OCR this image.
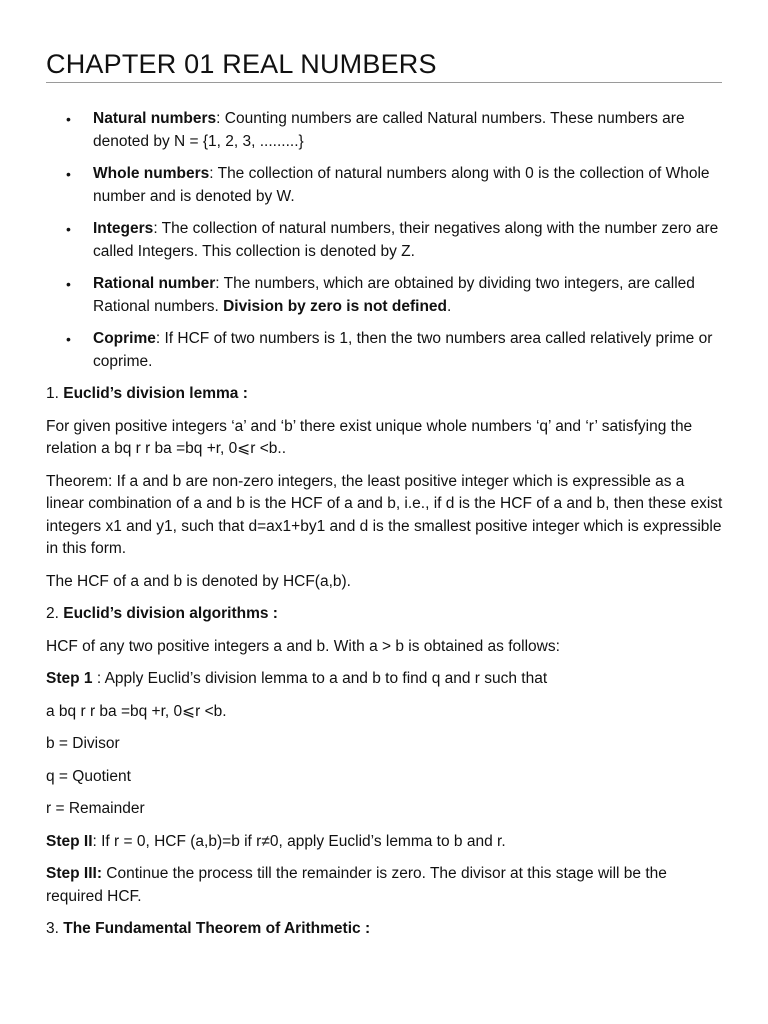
CHAPTER 01 REAL NUMBERS
• Natural numbers: Counting numbers are called Natural numbers. These numbers are denoted by N = {1, 2, 3, .........}
• Whole numbers: The collection of natural numbers along with 0 is the collection of Whole number and is denoted by W.
• Integers: The collection of natural numbers, their negatives along with the number zero are called Integers. This collection is denoted by Z.
• Rational number: The numbers, which are obtained by dividing two integers, are called Rational numbers. Division by zero is not defined.
• Coprime: If HCF of two numbers is 1, then the two numbers area called relatively prime or coprime.

1. Euclid’s division lemma :

For given positive integers ‘a’ and ‘b’ there exist unique whole numbers ‘q’ and ‘r’ satisfying the relation a bq r r ba =bq +r, 0⩽r <b..

Theorem: If a and b are non-zero integers, the least positive integer which is expressible as a linear combination of a and b is the HCF of a and b, i.e., if d is the HCF of a and b, then these exist integers x1 and y1, such that d=ax1+by1 and d is the smallest positive integer which is expressible in this form.

The HCF of a and b is denoted by HCF(a,b).

2. Euclid’s division algorithms :

HCF of any two positive integers a and b. With a > b is obtained as follows:

Step 1 : Apply Euclid’s division lemma to a and b to find q and r such that

a bq r r ba =bq +r, 0⩽r <b.

b = Divisor

q = Quotient

r = Remainder

Step II: If r = 0, HCF (a,b)=b if r≠0, apply Euclid’s lemma to b and r.

Step III: Continue the process till the remainder is zero. The divisor at this stage will be the required HCF.

3. The Fundamental Theorem of Arithmetic :
